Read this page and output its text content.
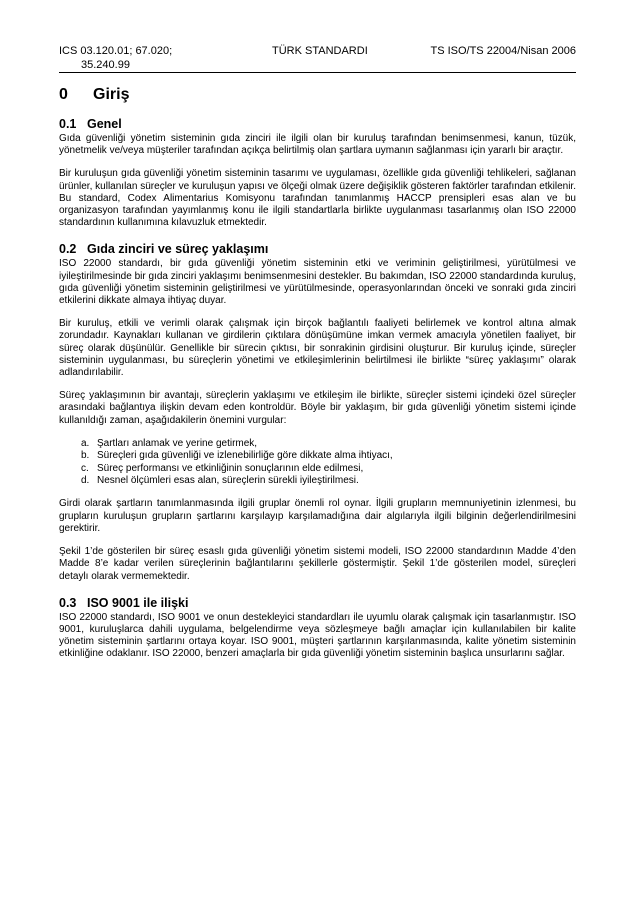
ICS 03.120.01; 67.020;
35.240.99
TÜRK STANDARDI	TS ISO/TS 22004/Nisan 2006
0 Giriş
0.1 Genel

Gıda güvenliği yönetim sisteminin gıda zinciri ile ilgili olan bir kuruluş tarafından benimsenmesi, kanun, tüzük, yönetmelik ve/veya müşteriler tarafından açıkça belirtilmiş olan şartlara uymanın sağlanması için yararlı bir araçtır.

Bir kuruluşun gıda güvenliği yönetim sisteminin tasarımı ve uygulaması, özellikle gıda güvenliği tehlikeleri, sağlanan ürünler, kullanılan süreçler ve kuruluşun yapısı ve ölçeği olmak üzere değişiklik gösteren faktörler tarafından etkilenir. Bu standard, Codex Alimentarius Komisyonu tarafından tanımlanmış HACCP prensipleri esas alan ve bu organizasyon tarafından yayımlanmış konu ile ilgili standartlarla birlikte uygulanması tasarlanmış olan ISO 22000 standardının kullanımına kılavuzluk etmektedir.

0.2 Gıda zinciri ve süreç yaklaşımı

ISO 22000 standardı, bir gıda güvenliği yönetim sisteminin etki ve veriminin geliştirilmesi, yürütülmesi ve iyileştirilmesinde bir gıda zinciri yaklaşımı benimsenmesini destekler. Bu bakımdan, ISO 22000 standardında kuruluş, gıda güvenliği yönetim sisteminin geliştirilmesi ve yürütülmesinde, operasyonlarından önceki ve sonraki gıda zinciri etkilerini dikkate almaya ihtiyaç duyar.

Bir kuruluş, etkili ve verimli olarak çalışmak için birçok bağlantılı faaliyeti belirlemek ve kontrol altına almak zorundadır. Kaynakları kullanan ve girdilerin çıktılara dönüşümüne imkan vermek amacıyla yönetilen faaliyet, bir süreç olarak düşünülür. Genellikle bir sürecin çıktısı, bir sonrakinin girdisini oluşturur. Bir kuruluş içinde, süreçler sisteminin uygulanması, bu süreçlerin yönetimi ve etkileşimlerinin belirtilmesi ile birlikte “süreç yaklaşımı” olarak adlandırılabilir.

Süreç yaklaşımının bir avantajı, süreçlerin yaklaşımı ve etkileşim ile birlikte, süreçler sistemi içindeki özel süreçler arasındaki bağlantıya ilişkin devam eden kontroldür. Böyle bir yaklaşım, bir gıda güvenliği yönetim sistemi içinde kullanıldığı zaman, aşağıdakilerin önemini vurgular:

a. Şartları anlamak ve yerine getirmek,
b. Süreçleri gıda güvenliği ve izlenebilirliğe göre dikkate alma ihtiyacı,
c. Süreç performansı ve etkinliğinin sonuçlarının elde edilmesi,
d. Nesnel ölçümleri esas alan, süreçlerin sürekli iyileştirilmesi.

Girdi olarak şartların tanımlanmasında ilgili gruplar önemli rol oynar. İlgili grupların memnuniyetinin izlenmesi, bu grupların kuruluşun grupların şartlarını karşılayıp karşılamadığına dair algılarıyla ilgili bilginin değerlendirilmesini gerektirir.

Şekil 1’de gösterilen bir süreç esaslı gıda güvenliği yönetim sistemi modeli, ISO 22000 standardının Madde 4’den Madde 8’e kadar verilen süreçlerinin bağlantılarını şekillerle göstermiştir. Şekil 1’de gösterilen model, süreçleri detaylı olarak vermemektedir.

0.3 ISO 9001 ile ilişki

ISO 22000 standardı, ISO 9001 ve onun destekleyici standardları ile uyumlu olarak çalışmak için tasarlanmıştır. ISO 9001, kuruluşlarca dahili uygulama, belgelendirme veya sözleşmeye bağlı amaçlar için kullanılabilen bir kalite yönetim sisteminin şartlarını ortaya koyar. ISO 9001, müşteri şartlarının karşılanmasında, kalite yönetim sisteminin etkinliğine odaklanır. ISO 22000, benzeri amaçlarla bir gıda güvenliği yönetim sisteminin başlıca unsurlarını sağlar.
